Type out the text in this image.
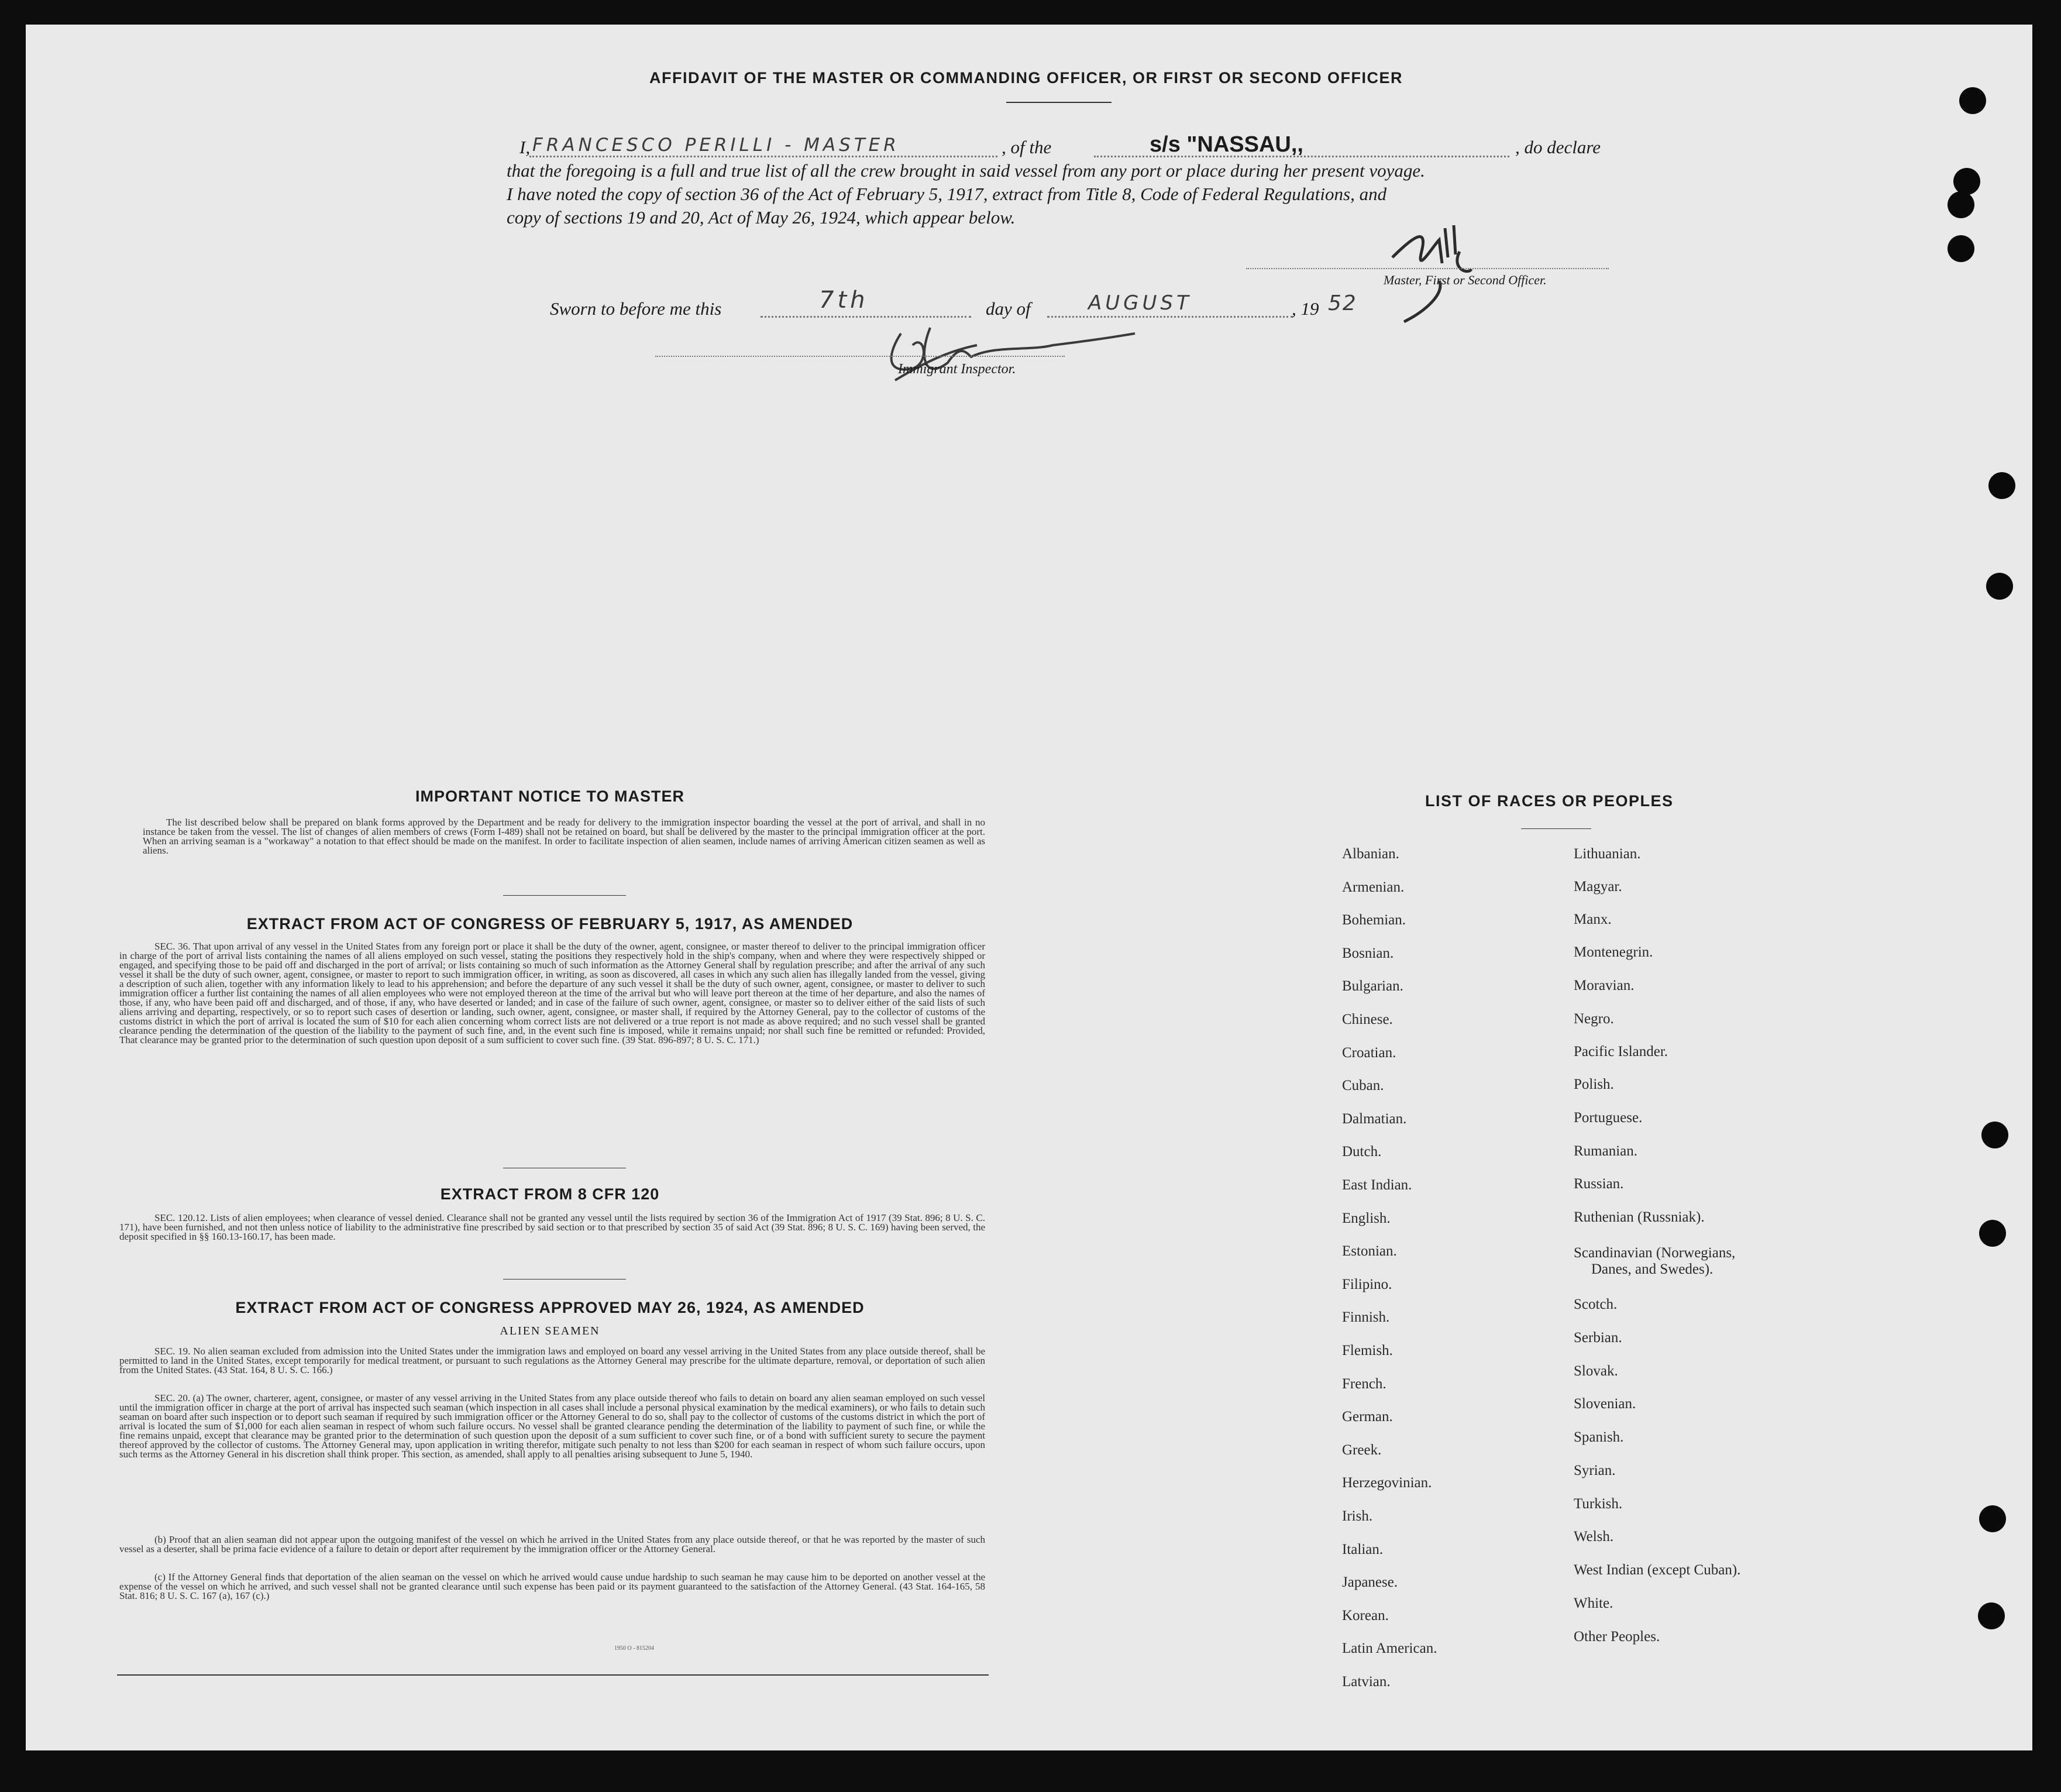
AFFIDAVIT OF THE MASTER OR COMMANDING OFFICER, OR FIRST OR SECOND OFFICER
I, FRANCESCO PERILLI - MASTER	, of the	s/s "NASSAU,,	, do declare
that the foregoing is a full and true list of all the crew brought in said vessel from any port or place during her present voyage.
I have noted the copy of section 36 of the Act of February 5, 1917, extract from Title 8, Code of Federal Regulations, and
copy of sections 19 and 20, Act of May 26, 1924, which appear below.
Master, First or Second Officer.
Sworn to before me this	7th	day of	AUGUST	, 19 52
Immigrant Inspector.
IMPORTANT NOTICE TO MASTER
The list described below shall be prepared on blank forms approved by the Department and be ready for delivery to the immigration inspector boarding the vessel at the port of arrival, and shall in no instance be taken from the vessel. The list of changes of alien members of crews (Form I-489) shall not be retained on board, but shall be delivered by the master to the principal immigration officer at the port. When an arriving seaman is a "workaway" a notation to that effect should be made on the manifest. In order to facilitate inspection of alien seamen, include names of arriving American citizen seamen as well as aliens.
EXTRACT FROM ACT OF CONGRESS OF FEBRUARY 5, 1917, AS AMENDED
SEC. 36. That upon arrival of any vessel in the United States from any foreign port or place it shall be the duty of the owner, agent, consignee, or master thereof to deliver to the principal immigration officer in charge of the port of arrival lists containing the names of all aliens employed on such vessel, stating the positions they respectively hold in the ship's company, when and where they were respectively shipped or engaged, and specifying those to be paid off and discharged in the port of arrival; or lists containing so much of such information as the Attorney General shall by regulation prescribe; and after the arrival of any such vessel it shall be the duty of such owner, agent, consignee, or master to report to such immigration officer, in writing, as soon as discovered, all cases in which any such alien has illegally landed from the vessel, giving a description of such alien, together with any information likely to lead to his apprehension; and before the departure of any such vessel it shall be the duty of such owner, agent, consignee, or master to deliver to such immigration officer a further list containing the names of all alien employees who were not employed thereon at the time of the arrival but who will leave port thereon at the time of her departure, and also the names of those, if any, who have been paid off and discharged, and of those, if any, who have deserted or landed; and in case of the failure of such owner, agent, consignee, or master so to deliver either of the said lists of such aliens arriving and departing, respectively, or so to report such cases of desertion or landing, such owner, agent, consignee, or master shall, if required by the Attorney General, pay to the collector of customs of the customs district in which the port of arrival is located the sum of $10 for each alien concerning whom correct lists are not delivered or a true report is not made as above required; and no such vessel shall be granted clearance pending the determination of the question of the liability to the payment of such fine, and, in the event such fine is imposed, while it remains unpaid; nor shall such fine be remitted or refunded: Provided, That clearance may be granted prior to the determination of such question upon deposit of a sum sufficient to cover such fine. (39 Stat. 896-897; 8 U. S. C. 171.)
EXTRACT FROM 8 CFR 120
SEC. 120.12. Lists of alien employees; when clearance of vessel denied. Clearance shall not be granted any vessel until the lists required by section 36 of the Immigration Act of 1917 (39 Stat. 896; 8 U. S. C. 171), have been furnished, and not then unless notice of liability to the administrative fine prescribed by said section or to that prescribed by section 35 of said Act (39 Stat. 896; 8 U. S. C. 169) having been served, the deposit specified in §§ 160.13-160.17, has been made.
EXTRACT FROM ACT OF CONGRESS APPROVED MAY 26, 1924, AS AMENDED
ALIEN SEAMEN
SEC. 19. No alien seaman excluded from admission into the United States under the immigration laws and employed on board any vessel arriving in the United States from any place outside thereof, shall be permitted to land in the United States, except temporarily for medical treatment, or pursuant to such regulations as the Attorney General may prescribe for the ultimate departure, removal, or deportation of such alien from the United States. (43 Stat. 164, 8 U. S. C. 166.)
SEC. 20. (a) The owner, charterer, agent, consignee, or master of any vessel arriving in the United States from any place outside thereof who fails to detain on board any alien seaman employed on such vessel until the immigration officer in charge at the port of arrival has inspected such seaman (which inspection in all cases shall include a personal physical examination by the medical examiners), or who fails to detain such seaman on board after such inspection or to deport such seaman if required by such immigration officer or the Attorney General to do so, shall pay to the collector of customs of the customs district in which the port of arrival is located the sum of $1,000 for each alien seaman in respect of whom such failure occurs. No vessel shall be granted clearance pending the determination of the liability to payment of such fine, or while the fine remains unpaid, except that clearance may be granted prior to the determination of such question upon the deposit of a sum sufficient to cover such fine, or of a bond with sufficient surety to secure the payment thereof approved by the collector of customs. The Attorney General may, upon application in writing therefor, mitigate such penalty to not less than $200 for each seaman in respect of whom such failure occurs, upon such terms as the Attorney General in his discretion shall think proper. This section, as amended, shall apply to all penalties arising subsequent to June 5, 1940.
(b) Proof that an alien seaman did not appear upon the outgoing manifest of the vessel on which he arrived in the United States from any place outside thereof, or that he was reported by the master of such vessel as a deserter, shall be prima facie evidence of a failure to detain or deport after requirement by the immigration officer or the Attorney General.
(c) If the Attorney General finds that deportation of the alien seaman on the vessel on which he arrived would cause undue hardship to such seaman he may cause him to be deported on another vessel at the expense of the vessel on which he arrived, and such vessel shall not be granted clearance until such expense has been paid or its payment guaranteed to the satisfaction of the Attorney General. (43 Stat. 164-165, 58 Stat. 816; 8 U. S. C. 167 (a), 167 (c).)
1950 O - 815204
LIST OF RACES OR PEOPLES
Albanian.
Armenian.
Bohemian.
Bosnian.
Bulgarian.
Chinese.
Croatian.
Cuban.
Dalmatian.
Dutch.
East Indian.
English.
Estonian.
Filipino.
Finnish.
Flemish.
French.
German.
Greek.
Herzegovinian.
Irish.
Italian.
Japanese.
Korean.
Latin American.
Latvian.
Lithuanian.
Magyar.
Manx.
Montenegrin.
Moravian.
Negro.
Pacific Islander.
Polish.
Portuguese.
Rumanian.
Russian.
Ruthenian (Russniak).
Scandinavian (Norwegians,
Danes, and Swedes).
Scotch.
Serbian.
Slovak.
Slovenian.
Spanish.
Syrian.
Turkish.
Welsh.
West Indian (except Cuban).
White.
Other Peoples.
